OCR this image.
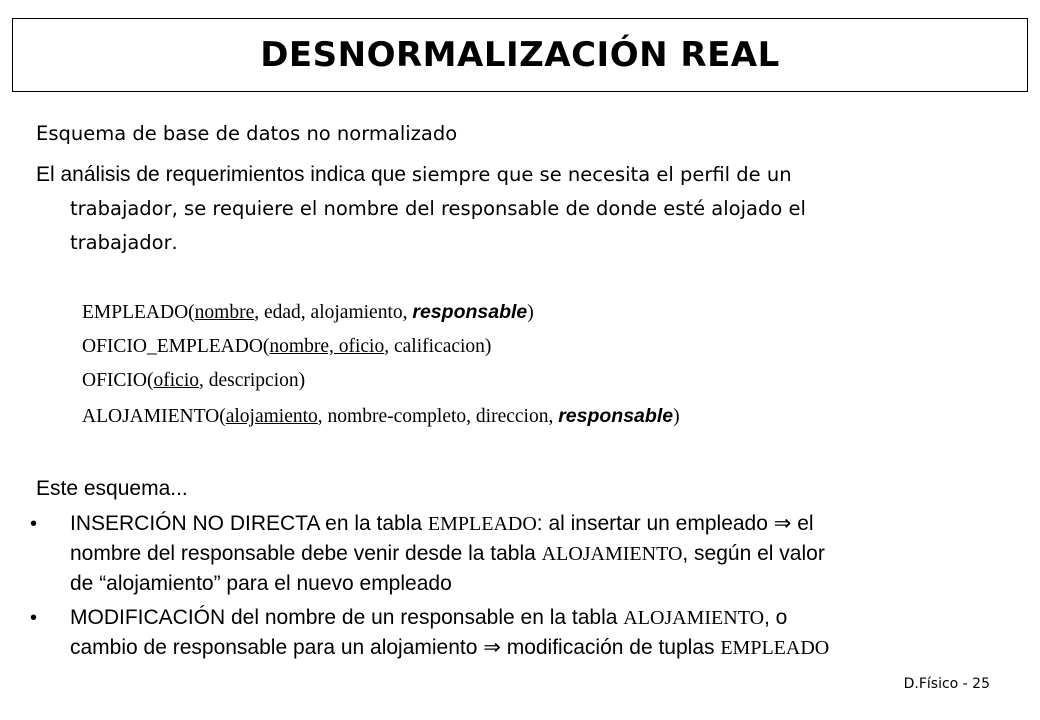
DESNORMALIZACIÓN REAL
Esquema de base de datos no normalizado
El análisis de requerimientos indica que siempre que se necesita el perfil de un
trabajador, se requiere el nombre del responsable de donde esté alojado el
trabajador.
EMPLEADO(nombre, edad, alojamiento, responsable)
OFICIO_EMPLEADO(nombre, oficio, calificacion)
OFICIO(oficio, descripcion)
ALOJAMIENTO(alojamiento, nombre-completo, direccion, responsable)
Este esquema...
• INSERCIÓN NO DIRECTA en la tabla EMPLEADO: al insertar un empleado ⇒ el
nombre del responsable debe venir desde la tabla ALOJAMIENTO, según el valor
de “alojamiento” para el nuevo empleado
• MODIFICACIÓN del nombre de un responsable en la tabla ALOJAMIENTO, o
cambio de responsable para un alojamiento ⇒ modificación de tuplas EMPLEADO
D.Físico - 25
